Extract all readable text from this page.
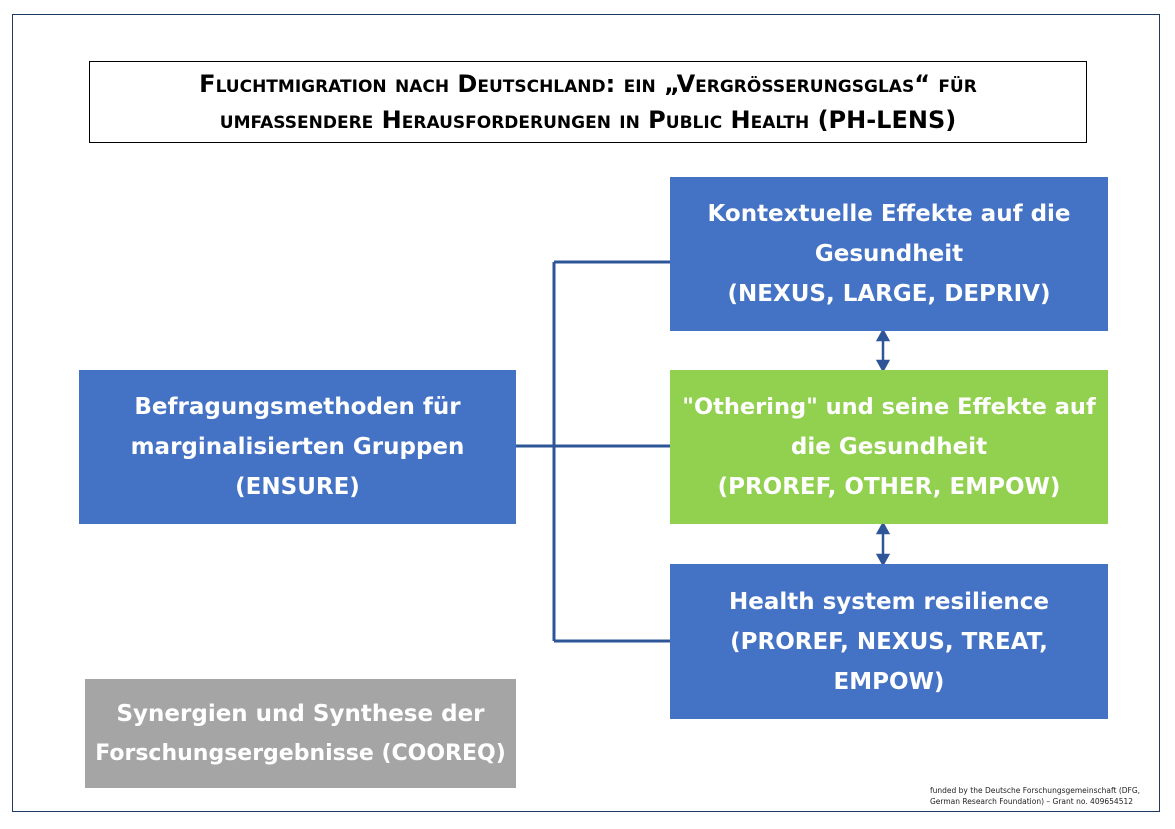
Fluchtmigration nach Deutschland: ein „Vergrößerungsglas“ für
umfassendere Herausforderungen in Public Health (PH-LENS)
Kontextuelle Effekte auf die
Gesundheit
(NEXUS, LARGE, DEPRIV)
"Othering" und seine Effekte auf
die Gesundheit
(PROREF, OTHER, EMPOW)
Health system resilience
(PROREF, NEXUS, TREAT,
EMPOW)
Befragungsmethoden für
marginalisierten Gruppen
(ENSURE)
Synergien und Synthese der
Forschungsergebnisse (COOREQ)
funded by the Deutsche Forschungsgemeinschaft (DFG,
German Research Foundation) – Grant no. 409654512
